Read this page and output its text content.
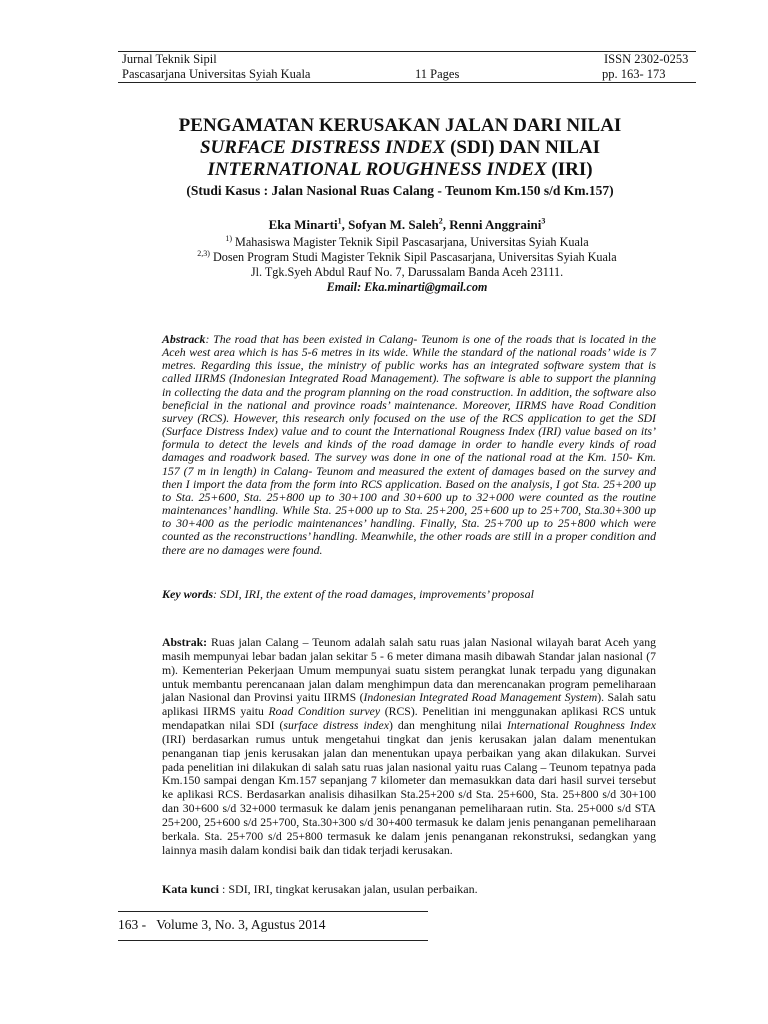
Jurnal Teknik Sipil	ISSN 2302-0253
Pascasarjana Universitas Syiah Kuala	11 Pages	pp. 163- 173
PENGAMATAN KERUSAKAN JALAN DARI NILAI
SURFACE DISTRESS INDEX (SDI) DAN NILAI
INTERNATIONAL ROUGHNESS INDEX (IRI)
(Studi Kasus : Jalan Nasional Ruas Calang - Teunom Km.150 s/d Km.157)
Eka Minarti$^1$, Sofyan M. Saleh$^2$, Renni Anggraini$^3$
$^{1)}$ Mahasiswa Magister Teknik Sipil Pascasarjana, Universitas Syiah Kuala
$^{2,3)}$ Dosen Program Studi Magister Teknik Sipil Pascasarjana, Universitas Syiah Kuala
Jl. Tgk.Syeh Abdul Rauf No. 7, Darussalam Banda Aceh 23111.
Email: Eka.minarti@gmail.com
Abstrack: The road that has been existed in Calang- Teunom is one of the roads that is located in the Aceh west area which is has 5-6 metres in its wide. While the standard of the national roads’ wide is 7 metres. Regarding this issue, the ministry of public works has an integrated software system that is called IIRMS (Indonesian Integrated Road Management). The software is able to support the planning in collecting the data and the program planning on the road construction. In addition, the software also beneficial in the national and province roads’ maintenance. Moreover, IIRMS have Road Condition survey (RCS). However, this research only focused on the use of the RCS application to get the SDI (Surface Distress Index) value and to count the International Rougness Index (IRI) value based on its’ formula to detect the levels and kinds of the road damage in order to handle every kinds of road damages and roadwork based. The survey was done in one of the national road at the Km. 150- Km. 157 (7 m in length) in Calang- Teunom and measured the extent of damages based on the survey and then I import the data from the form into RCS application. Based on the analysis, I got Sta. 25+200 up to Sta. 25+600, Sta. 25+800 up to 30+100 and 30+600 up to 32+000 were counted as the routine maintenances’ handling. While Sta. 25+000 up to Sta. 25+200, 25+600 up to 25+700, Sta.30+300 up to 30+400 as the periodic maintenances’ handling. Finally, Sta. 25+700 up to 25+800 which were counted as the reconstructions’ handling. Meanwhile, the other roads are still in a proper condition and there are no damages were found.
Key words: SDI, IRI, the extent of the road damages, improvements’ proposal
Abstrak: Ruas jalan Calang – Teunom adalah salah satu ruas jalan Nasional wilayah barat Aceh yang masih mempunyai lebar badan jalan sekitar 5 - 6 meter dimana masih dibawah Standar jalan nasional (7 m). Kementerian Pekerjaan Umum mempunyai suatu sistem perangkat lunak terpadu yang digunakan untuk membantu perencanaan jalan dalam menghimpun data dan merencanakan program pemeliharaan jalan Nasional dan Provinsi yaitu IIRMS (Indonesian Integrated Road Management System). Salah satu aplikasi IIRMS yaitu Road Condition survey (RCS). Penelitian ini menggunakan aplikasi RCS untuk mendapatkan nilai SDI (surface distress index) dan menghitung nilai International Roughness Index (IRI) berdasarkan rumus untuk mengetahui tingkat dan jenis kerusakan jalan dalam menentukan penanganan tiap jenis kerusakan jalan dan menentukan upaya perbaikan yang akan dilakukan. Survei pada penelitian ini dilakukan di salah satu ruas jalan nasional yaitu ruas Calang – Teunom tepatnya pada Km.150 sampai dengan Km.157 sepanjang 7 kilometer dan memasukkan data dari hasil survei tersebut ke aplikasi RCS. Berdasarkan analisis dihasilkan Sta.25+200 s/d Sta. 25+600, Sta. 25+800 s/d 30+100 dan 30+600 s/d 32+000 termasuk ke dalam jenis penanganan pemeliharaan rutin. Sta. 25+000 s/d STA 25+200, 25+600 s/d 25+700, Sta.30+300 s/d 30+400 termasuk ke dalam jenis penanganan pemeliharaan berkala. Sta. 25+700 s/d 25+800 termasuk ke dalam jenis penanganan rekonstruksi, sedangkan yang lainnya masih dalam kondisi baik dan tidak terjadi kerusakan.
Kata kunci : SDI, IRI, tingkat kerusakan jalan, usulan perbaikan.
163 - Volume 3, No. 3, Agustus 2014
